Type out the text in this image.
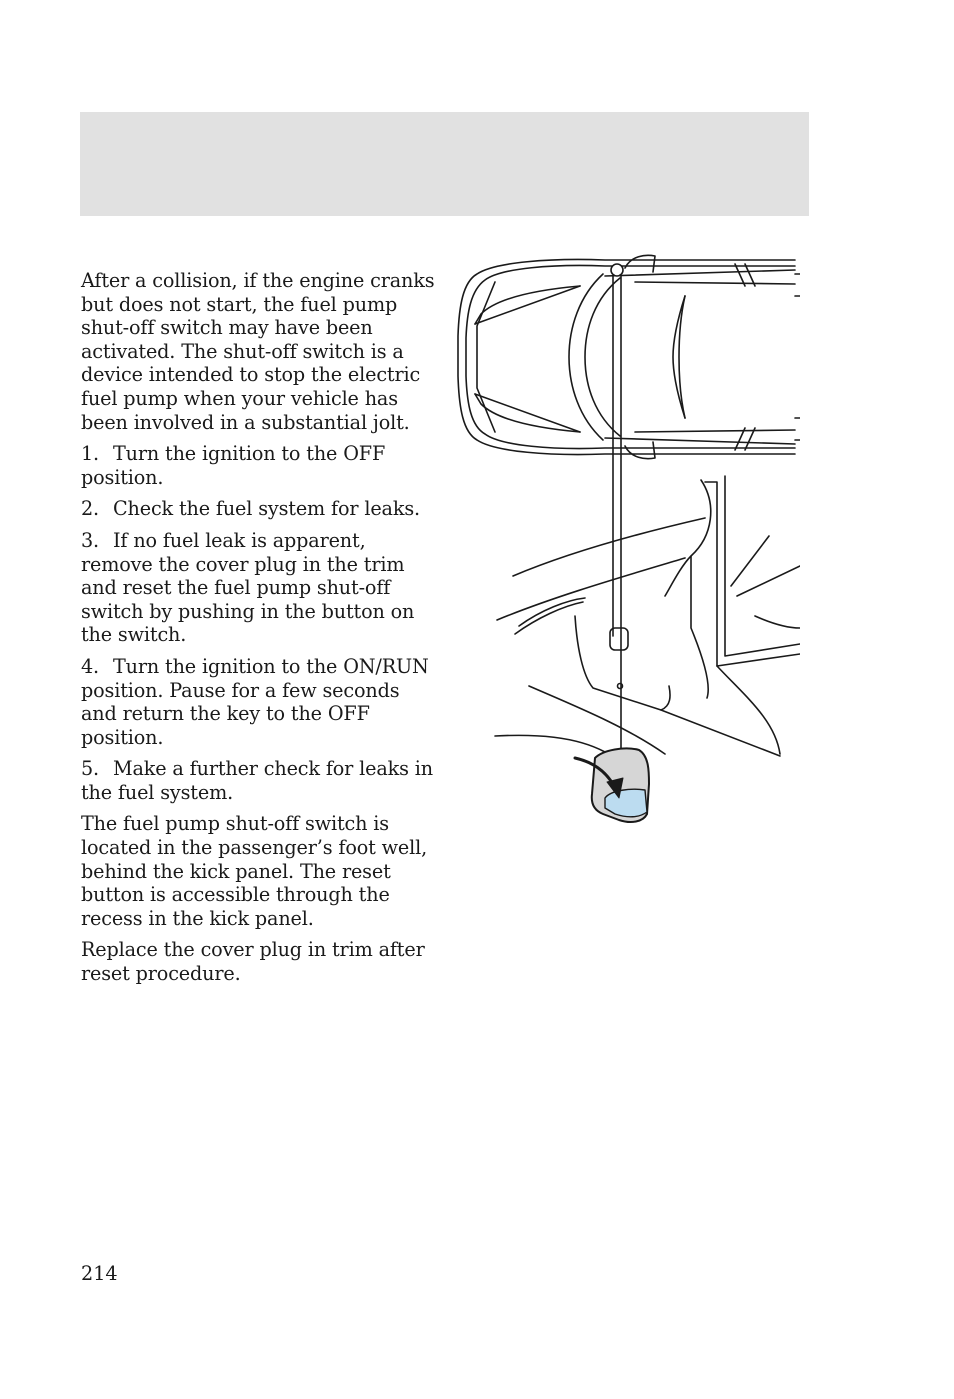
After a collision, if the engine cranks but does not start, the fuel pump shut-off switch may have been activated. The shut-off switch is a device intended to stop the electric fuel pump when your vehicle has been involved in a substantial jolt.

1. Turn the ignition to the OFF position.

2. Check the fuel system for leaks.

3. If no fuel leak is apparent, remove the cover plug in the trim and reset the fuel pump shut-off switch by pushing in the button on the switch.

4. Turn the ignition to the ON/RUN position. Pause for a few seconds and return the key to the OFF position.

5. Make a further check for leaks in the fuel system.

The fuel pump shut-off switch is located in the passenger’s foot well, behind the kick panel. The reset button is accessible through the recess in the kick panel.

Replace the cover plug in trim after reset procedure.

214
